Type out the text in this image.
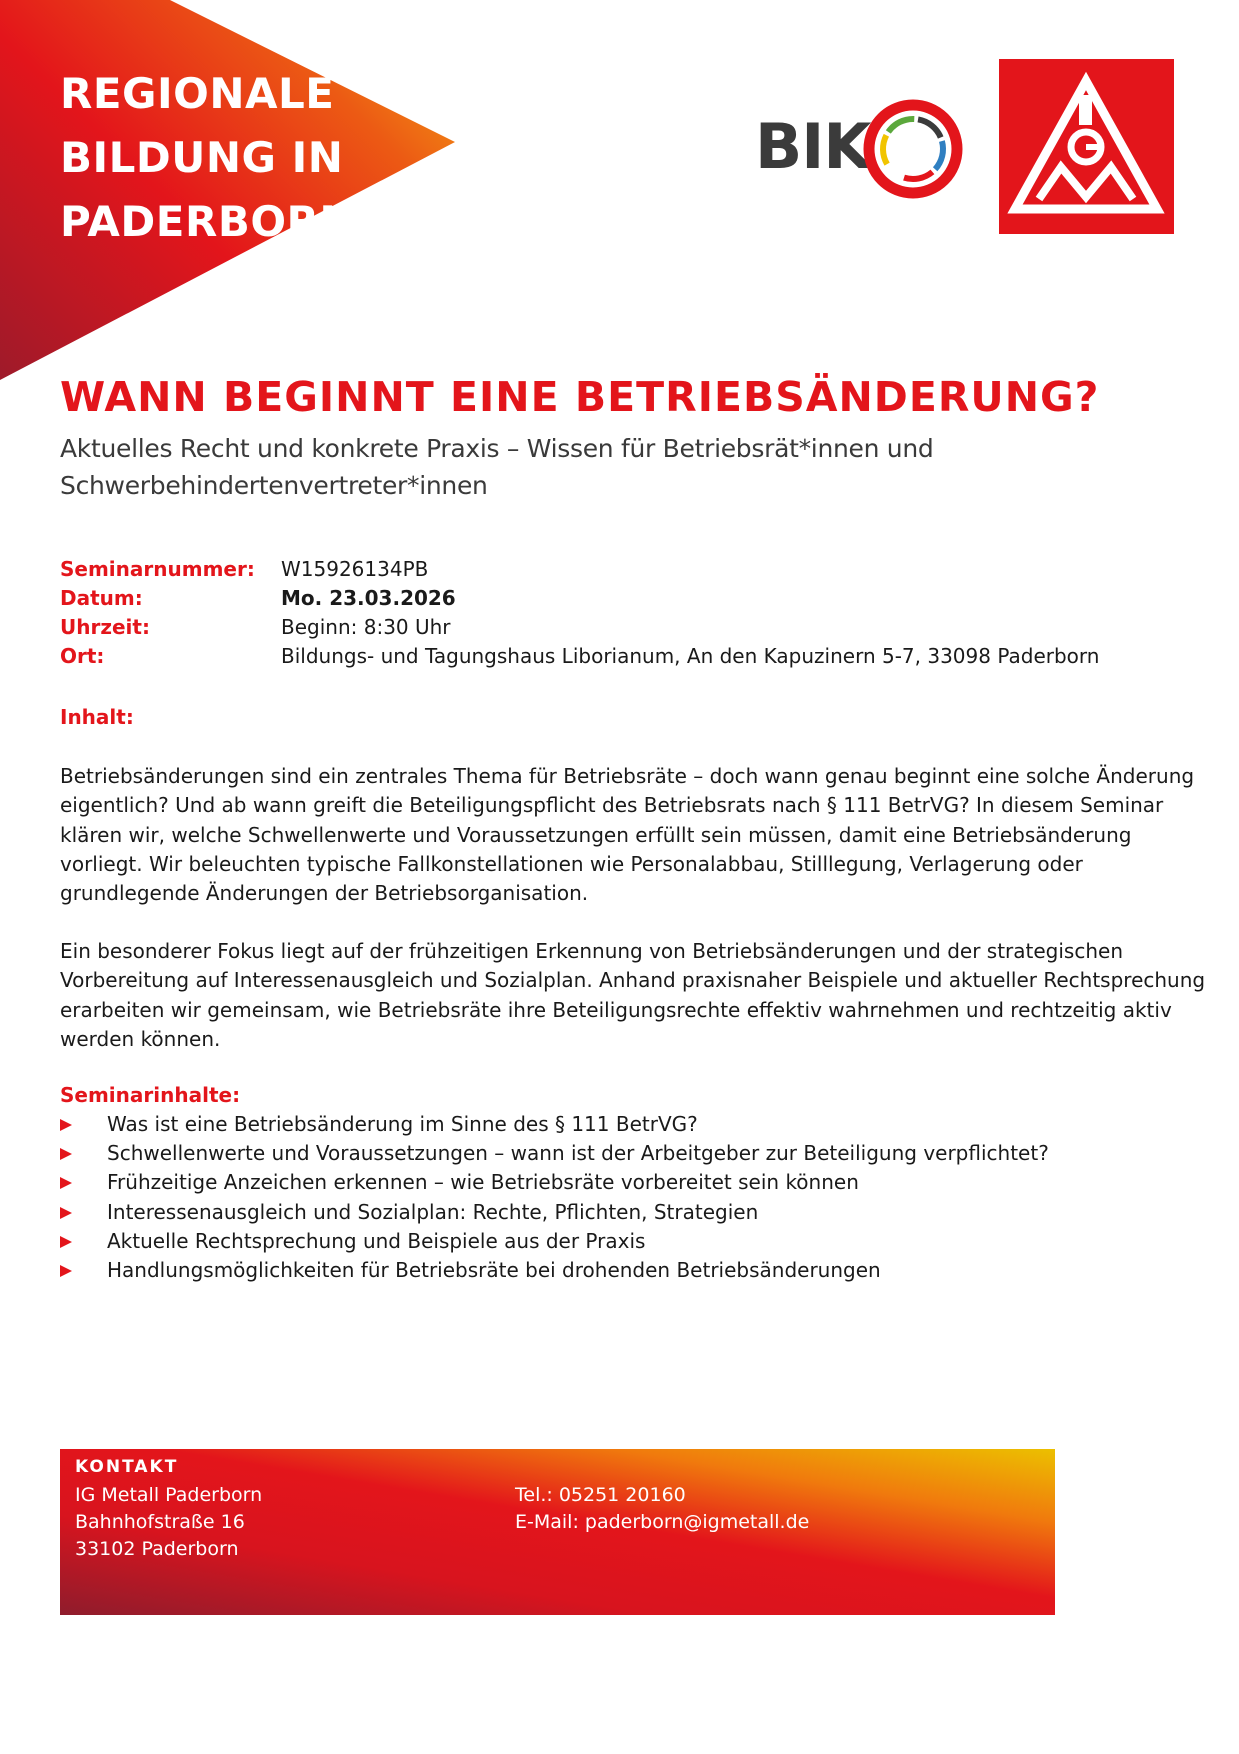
REGIONALE
BILDUNG IN
PADERBORN
BIK
WANN BEGINNT EINE BETRIEBSÄNDERUNG?
Aktuelles Recht und konkrete Praxis – Wissen für Betriebsrät*innen und
Schwerbehindertenvertreter*innen
Seminarnummer:	W15926134PB
Datum:	Mo. 23.03.2026
Uhrzeit:	Beginn: 8:30 Uhr
Ort:	Bildungs- und Tagungshaus Liborianum, An den Kapuzinern 5-7, 33098 Paderborn
Inhalt:
Betriebsänderungen sind ein zentrales Thema für Betriebsräte – doch wann genau beginnt eine solche Änderung
eigentlich? Und ab wann greift die Beteiligungspflicht des Betriebsrats nach § 111 BetrVG? In diesem Seminar
klären wir, welche Schwellenwerte und Voraussetzungen erfüllt sein müssen, damit eine Betriebsänderung
vorliegt. Wir beleuchten typische Fallkonstellationen wie Personalabbau, Stilllegung, Verlagerung oder
grundlegende Änderungen der Betriebsorganisation.
Ein besonderer Fokus liegt auf der frühzeitigen Erkennung von Betriebsänderungen und der strategischen
Vorbereitung auf Interessenausgleich und Sozialplan. Anhand praxisnaher Beispiele und aktueller Rechtsprechung
erarbeiten wir gemeinsam, wie Betriebsräte ihre Beteiligungsrechte effektiv wahrnehmen und rechtzeitig aktiv
werden können.
Seminarinhalte:
Was ist eine Betriebsänderung im Sinne des § 111 BetrVG?
Schwellenwerte und Voraussetzungen – wann ist der Arbeitgeber zur Beteiligung verpflichtet?
Frühzeitige Anzeichen erkennen – wie Betriebsräte vorbereitet sein können
Interessenausgleich und Sozialplan: Rechte, Pflichten, Strategien
Aktuelle Rechtsprechung und Beispiele aus der Praxis
Handlungsmöglichkeiten für Betriebsräte bei drohenden Betriebsänderungen
KONTAKT
IG Metall Paderborn
Bahnhofstraße 16
33102 Paderborn
Tel.: 05251 20160
E-Mail: paderborn@igmetall.de
